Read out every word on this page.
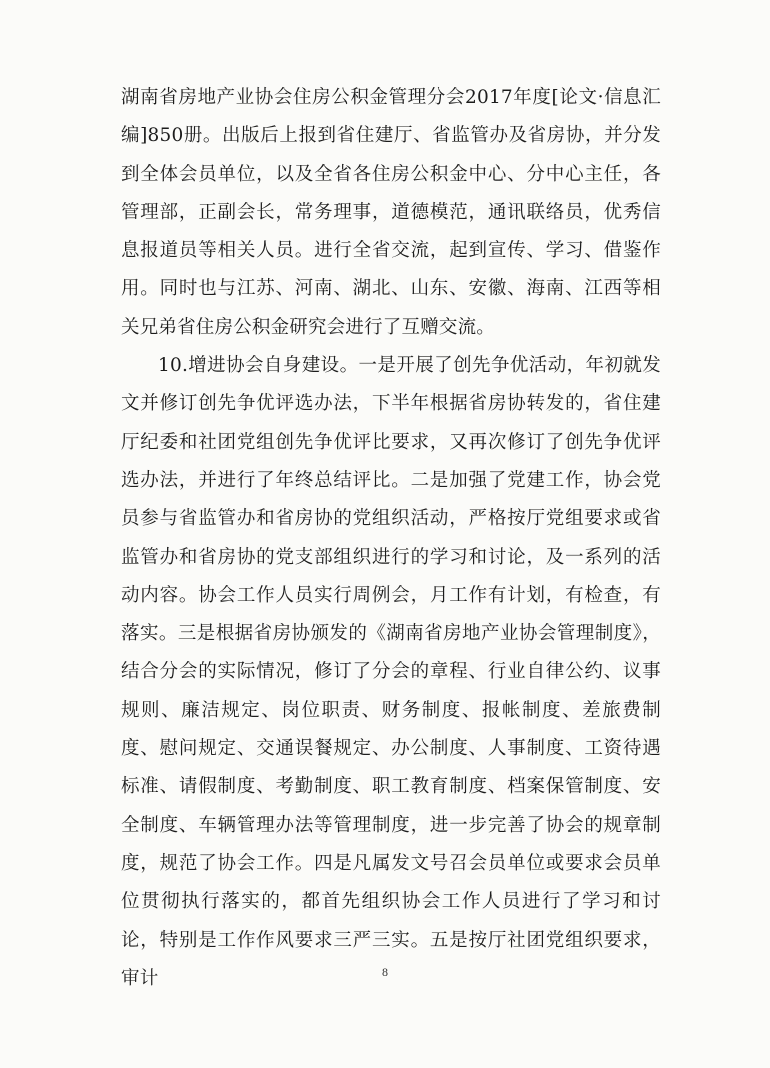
湖南省房地产业协会住房公积金管理分会2017年度[论文·信息汇编]850册。出版后上报到省住建厅、省监管办及省房协，并分发到全体会员单位，以及全省各住房公积金中心、分中心主任，各管理部，正副会长，常务理事，道德模范，通讯联络员，优秀信息报道员等相关人员。进行全省交流，起到宣传、学习、借鉴作用。同时也与江苏、河南、湖北、山东、安徽、海南、江西等相关兄弟省住房公积金研究会进行了互赠交流。

10.增进协会自身建设。一是开展了创先争优活动，年初就发文并修订创先争优评选办法，下半年根据省房协转发的，省住建厅纪委和社团党组创先争优评比要求，又再次修订了创先争优评选办法，并进行了年终总结评比。二是加强了党建工作，协会党员参与省监管办和省房协的党组织活动，严格按厅党组要求或省监管办和省房协的党支部组织进行的学习和讨论，及一系列的活动内容。协会工作人员实行周例会，月工作有计划，有检查，有落实。三是根据省房协颁发的《湖南省房地产业协会管理制度》，结合分会的实际情况，修订了分会的章程、行业自律公约、议事规则、廉洁规定、岗位职责、财务制度、报帐制度、差旅费制度、慰问规定、交通误餐规定、办公制度、人事制度、工资待遇标准、请假制度、考勤制度、职工教育制度、档案保管制度、安全制度、车辆管理办法等管理制度，进一步完善了协会的规章制度，规范了协会工作。四是凡属发文号召会员单位或要求会员单位贯彻执行落实的，都首先组织协会工作人员进行了学习和讨论，特别是工作作风要求三严三实。五是按厅社团党组织要求，审计	8
